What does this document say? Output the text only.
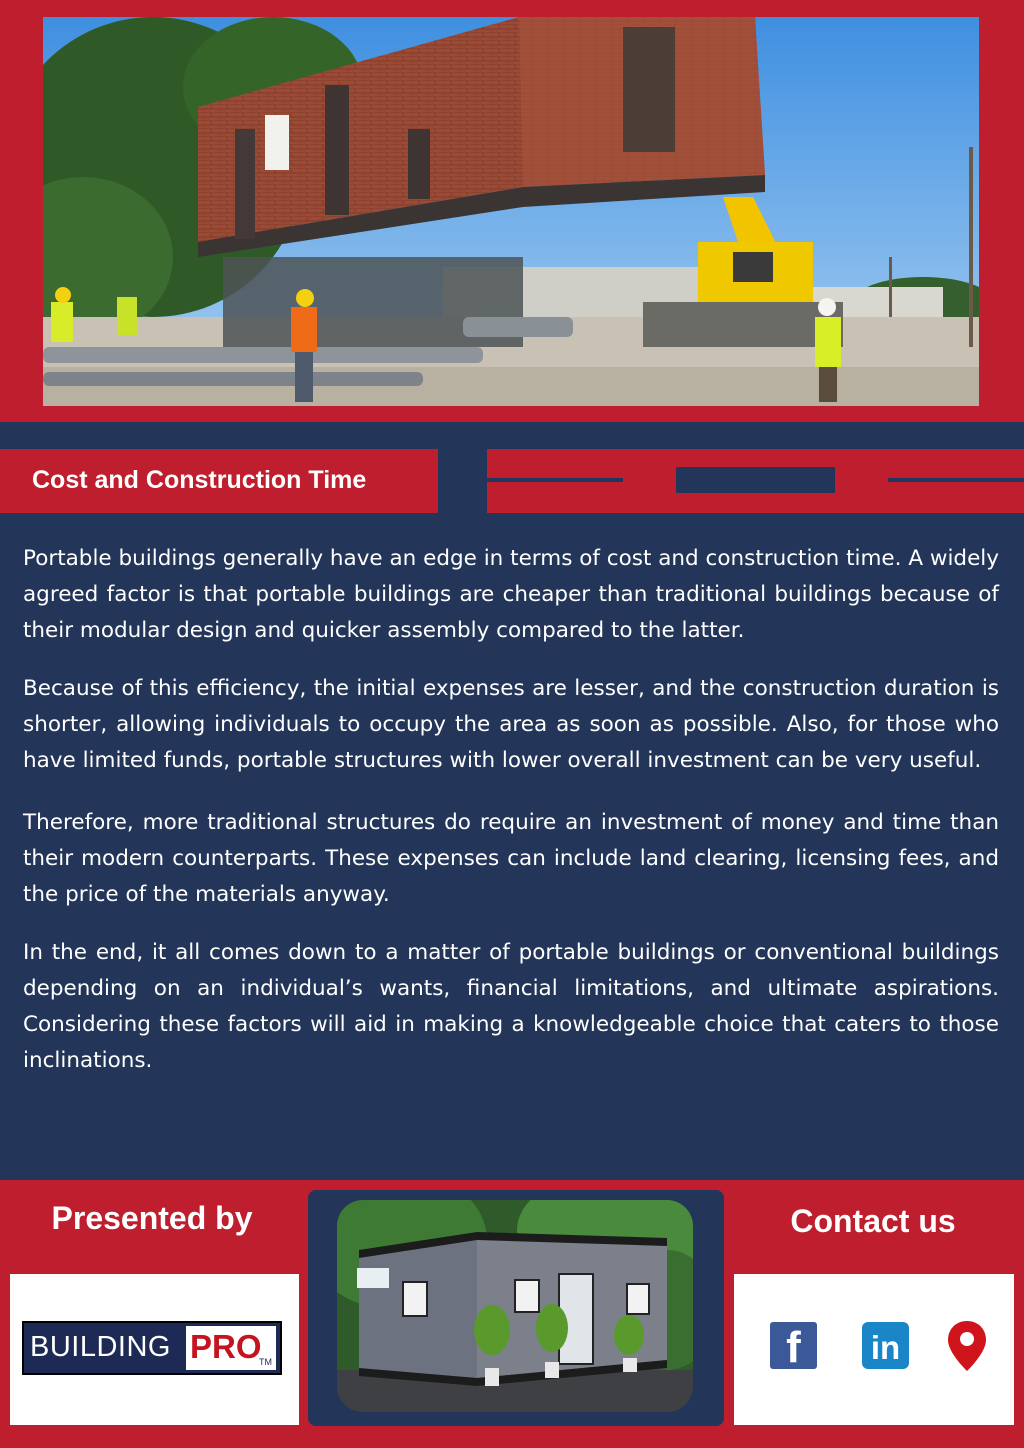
Cost and Construction Time

Portable buildings generally have an edge in terms of cost and construction time. A widely agreed factor is that portable buildings are cheaper than traditional buildings because of their modular design and quicker assembly compared to the latter.

Because of this efficiency, the initial expenses are lesser, and the construction duration is shorter, allowing individuals to occupy the area as soon as possible. Also, for those who have limited funds, portable structures with lower overall investment can be very useful.

Therefore, more traditional structures do require an investment of money and time than their modern counterparts. These expenses can include land clearing, licensing fees, and the price of the materials anyway.

In the end, it all comes down to a matter of portable buildings or conventional buildings depending on an individual’s wants, financial limitations, and ultimate aspirations. Considering these factors will aid in making a knowledgeable choice that caters to those inclinations.

Presented by
BUILDING PRO
TM
Contact us
f	in
